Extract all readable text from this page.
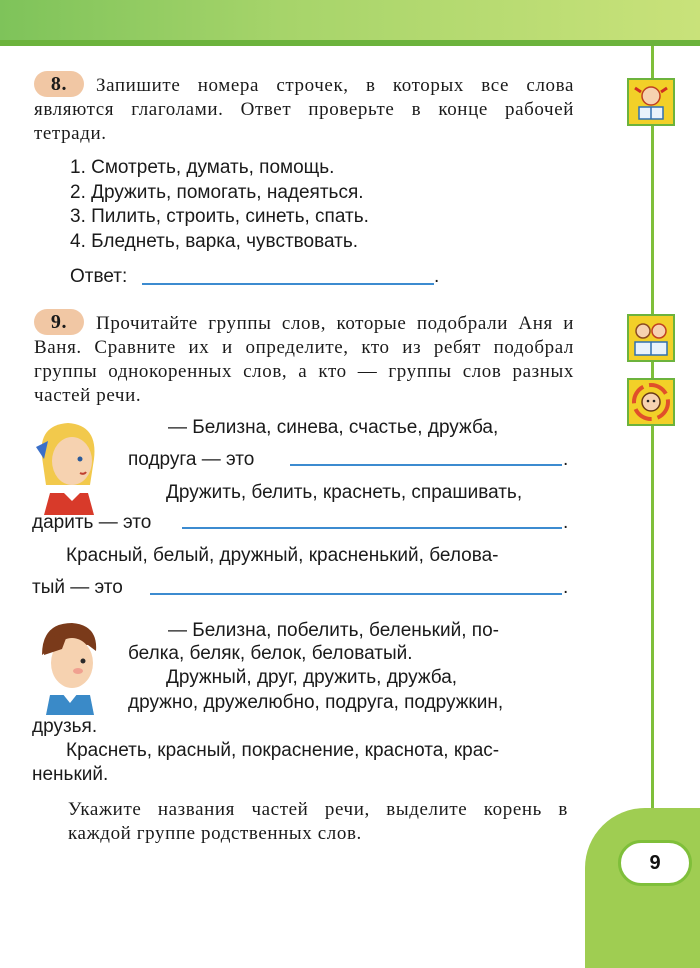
8. Запишите номера строчек, в которых все слова являются глаголами. Ответ проверьте в конце рабочей тетради.
1. Смотреть, думать, помощь.
2. Дружить, помогать, надеяться.
3. Пилить, строить, синеть, спать.
4. Бледнеть, варка, чувствовать.
Ответ:	.
9. Прочитайте группы слов, которые подобрали Аня и Ваня. Сравните их и определите, кто из ребят подобрал группы однокоренных слов, а кто — группы слов разных частей речи.
— Белизна, синева, счастье, дружба,
подруга — это	.
Дружить, белить, краснеть, спрашивать,
дарить — это	.
Красный, белый, дружный, красненький, белова-
тый — это	.
— Белизна, побелить, беленький, по-
белка, беляк, белок, беловатый.
Дружный, друг, дружить, дружба,
дружно, дружелюбно, подруга, подружкин,
друзья.
Краснеть, красный, покраснение, краснота, крас-
ненький.
Укажите названия частей речи, выделите корень в каждой группе родственных слов.
9
